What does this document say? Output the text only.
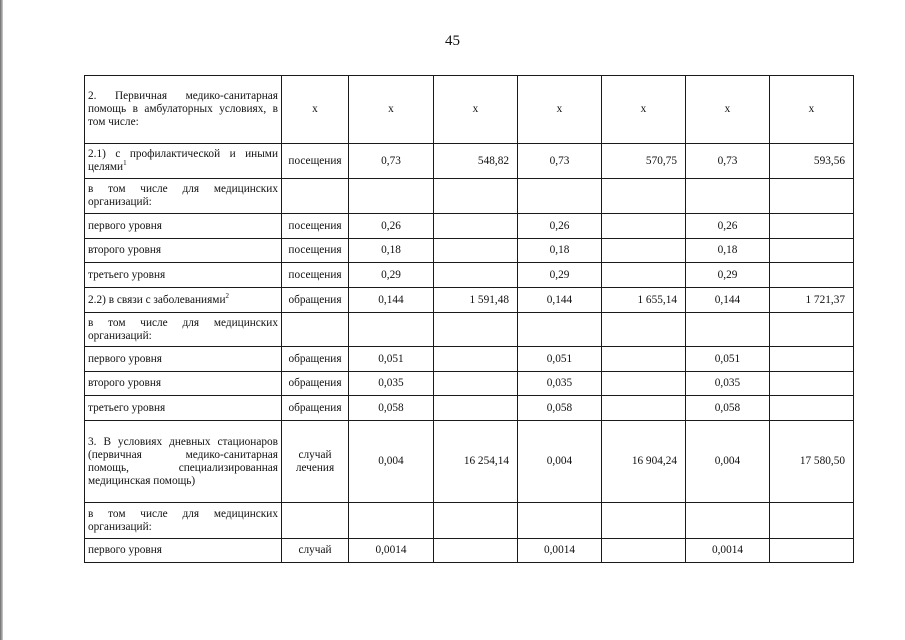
45
2. Первичная медико-санитарная помощь в амбулаторных условиях, в том числе:	х	х	х	х	х	х	х
2.1) с профилактической и иными целями$^1$	посещения	0,73	548,82	0,73	570,75	0,73	593,56
в том числе для медицинских организаций:							
первого уровня	посещения	0,26		0,26		0,26	
второго уровня	посещения	0,18		0,18		0,18	
третьего уровня	посещения	0,29		0,29		0,29	
2.2) в связи с заболеваниями$^2$	обращения	0,144	1 591,48	0,144	1 655,14	0,144	1 721,37
в том числе для медицинских организаций:							
первого уровня	обращения	0,051		0,051		0,051	
второго уровня	обращения	0,035		0,035		0,035	
третьего уровня	обращения	0,058		0,058		0,058	
3. В условиях дневных стационаров (первичная медико-санитарная помощь, специализированная медицинская помощь)	случай лечения	0,004	16 254,14	0,004	16 904,24	0,004	17 580,50
в том числе для медицинских организаций:							
первого уровня	случай	0,0014		0,0014		0,0014	
